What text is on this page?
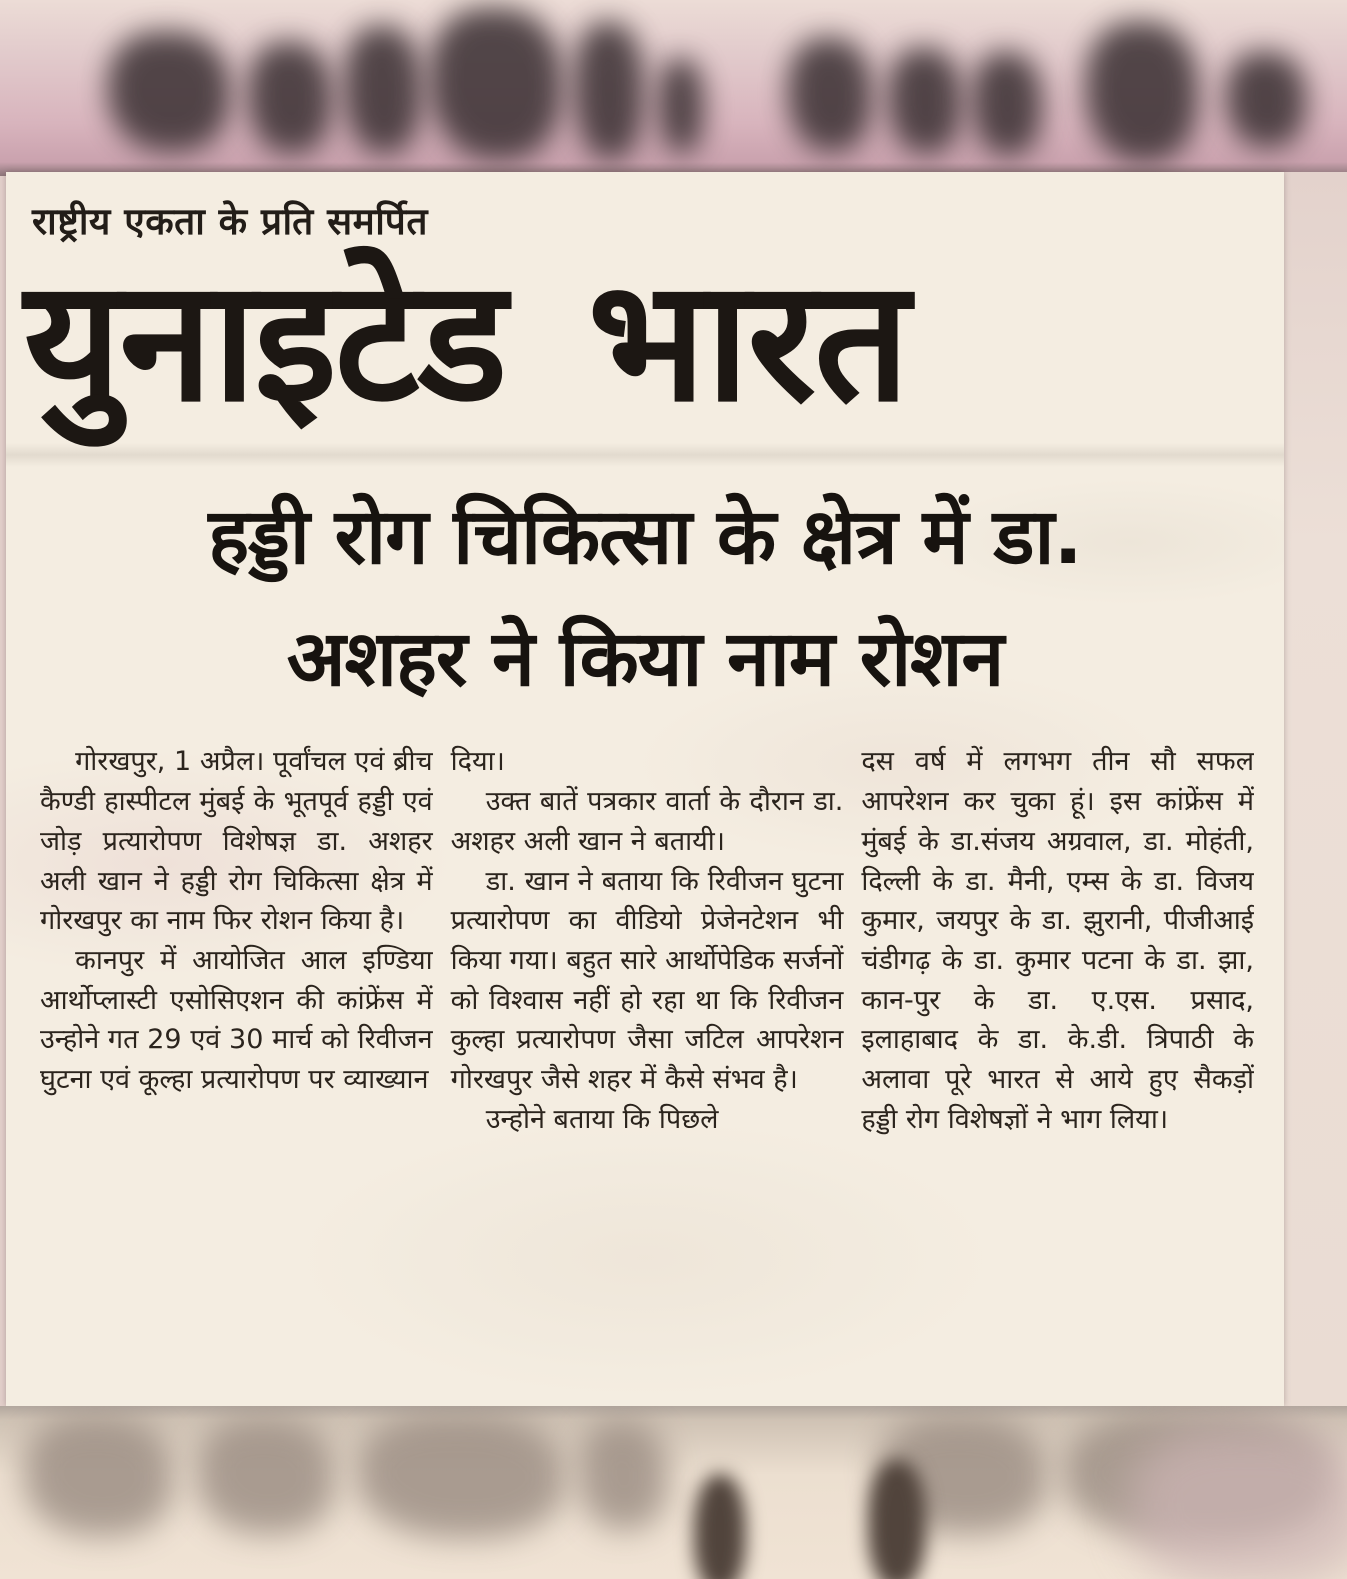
राष्ट्रीय एकता के प्रति समर्पित
युनाइटेड भारत
हड्डी रोग चिकित्सा के क्षेत्र में डा.
अशहर ने किया नाम रोशन

गोरखपुर, 1 अप्रैल। पूर्वांचल एवं ब्रीच कैण्डी हास्पीटल मुंबई के भूतपूर्व हड्डी एवं जोड़ प्रत्यारोपण विशेषज्ञ डा. अशहर अली खान ने हड्डी रोग चिकित्सा क्षेत्र में गोरखपुर का नाम फिर रोशन किया है।

कानपुर में आयोजित आल इण्डिया आर्थोप्लास्टी एसोसिएशन की कांफ्रेंस में उन्होने गत 29 एवं 30 मार्च को रिवीजन घुटना एवं कूल्हा प्रत्यारोपण पर व्याख्यान

दिया।

उक्त बातें पत्रकार वार्ता के दौरान डा. अशहर अली खान ने बतायी।

डा. खान ने बताया कि रिवीजन घुटना प्रत्यारोपण का वीडियो प्रेजेनटेशन भी किया गया। बहुत सारे आर्थोपेडिक सर्जनों को विश्वास नहीं हो रहा था कि रिवीजन कुल्हा प्रत्यारोपण जैसा जटिल आपरेशन गोरखपुर जैसे शहर में कैसे संभव है।

उन्होने बताया कि पिछले

दस वर्ष में लगभग तीन सौ सफल आपरेशन कर चुका हूं। इस कांफ्रेंस में मुंबई के डा.संजय अग्रवाल, डा. मोहंती, दिल्ली के डा. मैनी, एम्स के डा. विजय कुमार, जयपुर के डा. झुरानी, पीजीआई चंडीगढ़ के डा. कुमार पटना के डा. झा, कान-पुर के डा. ए.एस. प्रसाद, इलाहाबाद के डा. के.डी. त्रिपाठी के अलावा पूरे भारत से आये हुए सैकड़ों हड्डी रोग विशेषज्ञों ने भाग लिया।
